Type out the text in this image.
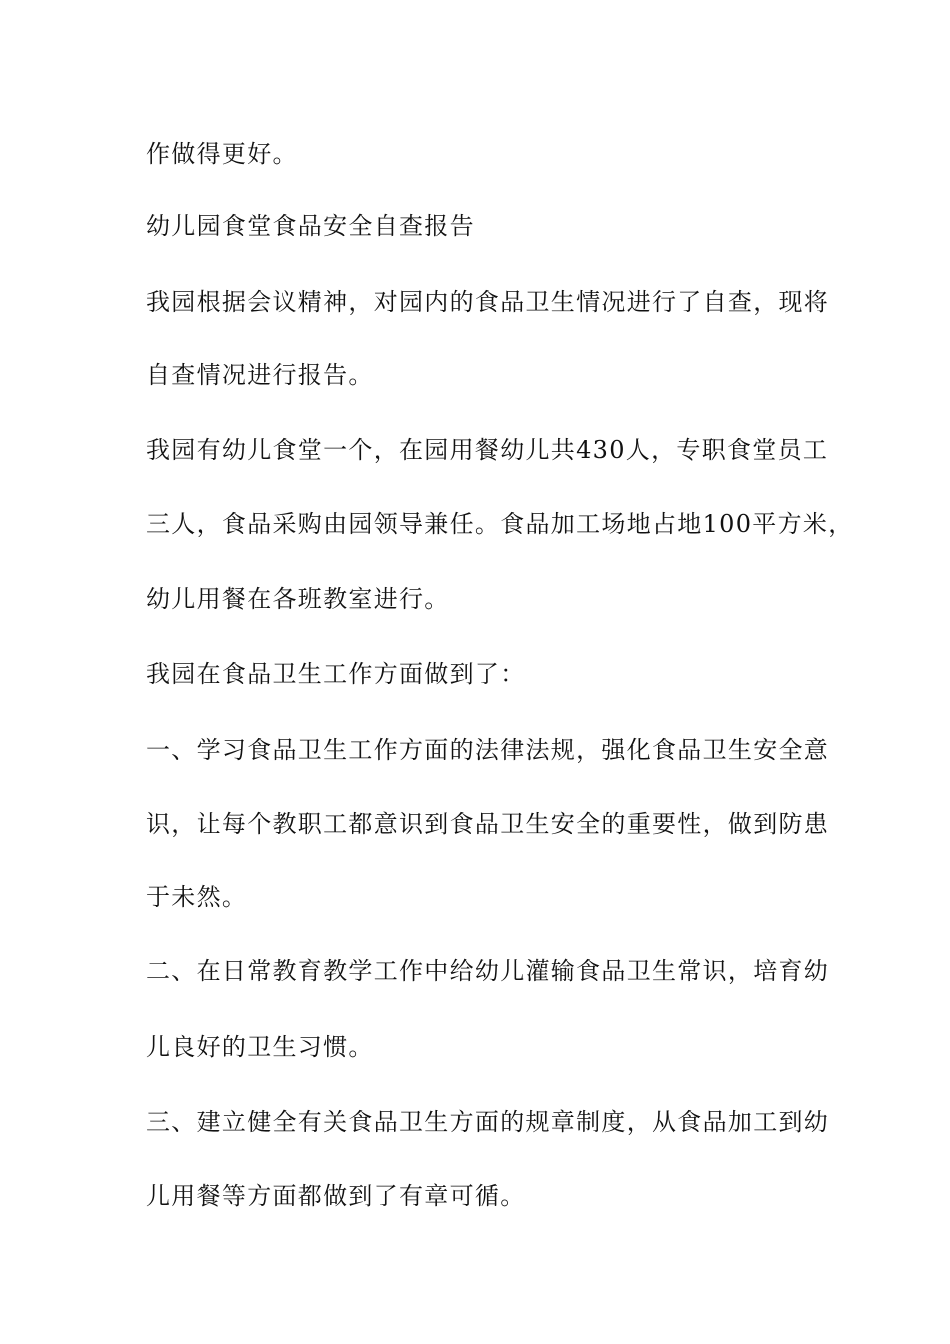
作做得更好。
幼儿园食堂食品安全自查报告
我园根据会议精神，对园内的食品卫生情况进行了自查，现将
自查情况进行报告。
我园有幼儿食堂一个，在园用餐幼儿共430人，专职食堂员工
三人，食品采购由园领导兼任。食品加工场地占地100平方米，
幼儿用餐在各班教室进行。
我园在食品卫生工作方面做到了：
一、学习食品卫生工作方面的法律法规，强化食品卫生安全意
识，让每个教职工都意识到食品卫生安全的重要性，做到防患
于未然。
二、在日常教育教学工作中给幼儿灌输食品卫生常识，培育幼
儿良好的卫生习惯。
三、建立健全有关食品卫生方面的规章制度，从食品加工到幼
儿用餐等方面都做到了有章可循。
